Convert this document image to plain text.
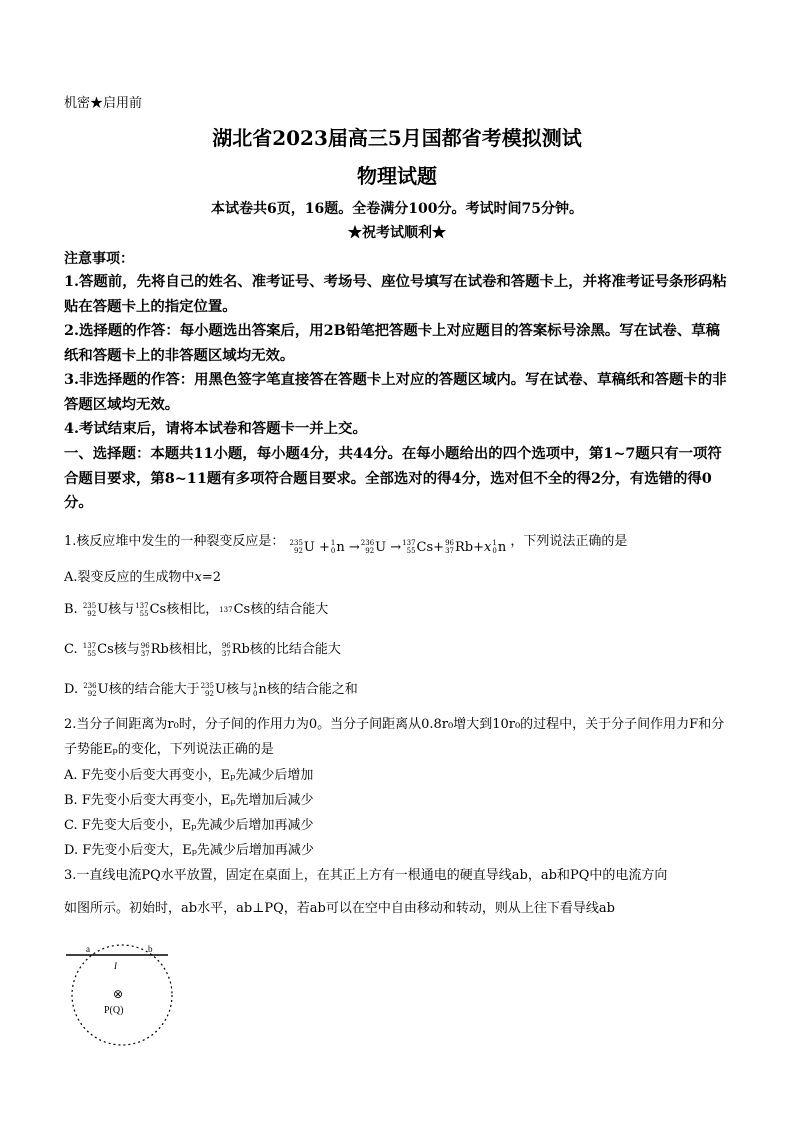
机密★启用前
湖北省2023届高三5月国都省考模拟测试
物理试题
本试卷共6页，16题。全卷满分100分。考试时间75分钟。
★祝考试顺利★
注意事项：
1.答题前，先将自己的姓名、准考证号、考场号、座位号填写在试卷和答题卡上，并将准考证号条形码粘贴在答题卡上的指定位置。
2.选择题的作答：每小题选出答案后，用2B铅笔把答题卡上对应题目的答案标号涂黑。写在试卷、草稿纸和答题卡上的非答题区域均无效。
3.非选择题的作答：用黑色签字笔直接答在答题卡上对应的答题区域内。写在试卷、草稿纸和答题卡的非答题区域均无效。
4.考试结束后，请将本试卷和答题卡一并上交。
一、选择题：本题共11小题，每小题4分，共44分。在每小题给出的四个选项中，第1~7题只有一项符合题目要求，第8~11题有多项符合题目要求。全部选对的得4分，选对但不全的得2分，有选错的得0分。
1.核反应堆中发生的一种裂变反应是： 235
92 U + 1
0 n → 236
92 U → 137
55 Cs + 96
37 Rb + x 1
0 n ，下列说法正确的是
A.裂变反应的生成物中x=2
B. 235
92 U核与 137
55 Cs核相比， 137 Cs核的结合能大
C. 137
55 Cs核与 96
37 Rb核相比， 96
37 Rb核的比结合能大
D. 236
92 U核的结合能大于 235
92 U核与 1
0 n核的结合能之和
2.当分子间距离为r₀时，分子间的作用力为0。当分子间距离从0.8r₀增大到10r₀的过程中，关于分子间作用力F和分子势能Eₚ的变化，下列说法正确的是
A. F先变小后变大再变小，Eₚ先减少后增加
B. F先变小后变大再变小，Eₚ先增加后减少
C. F先变大后变小，Eₚ先减少后增加再减少
D. F先变小后变大，Eₚ先减少后增加再减少
3.一直线电流PQ水平放置，固定在桌面上，在其正上方有一根通电的硬直导线ab，ab和PQ中的电流方向
如图所示。初始时，ab水平，ab⊥PQ，若ab可以在空中自由移动和转动，则从上往下看导线ab
a	b
I
⊗
P(Q)
